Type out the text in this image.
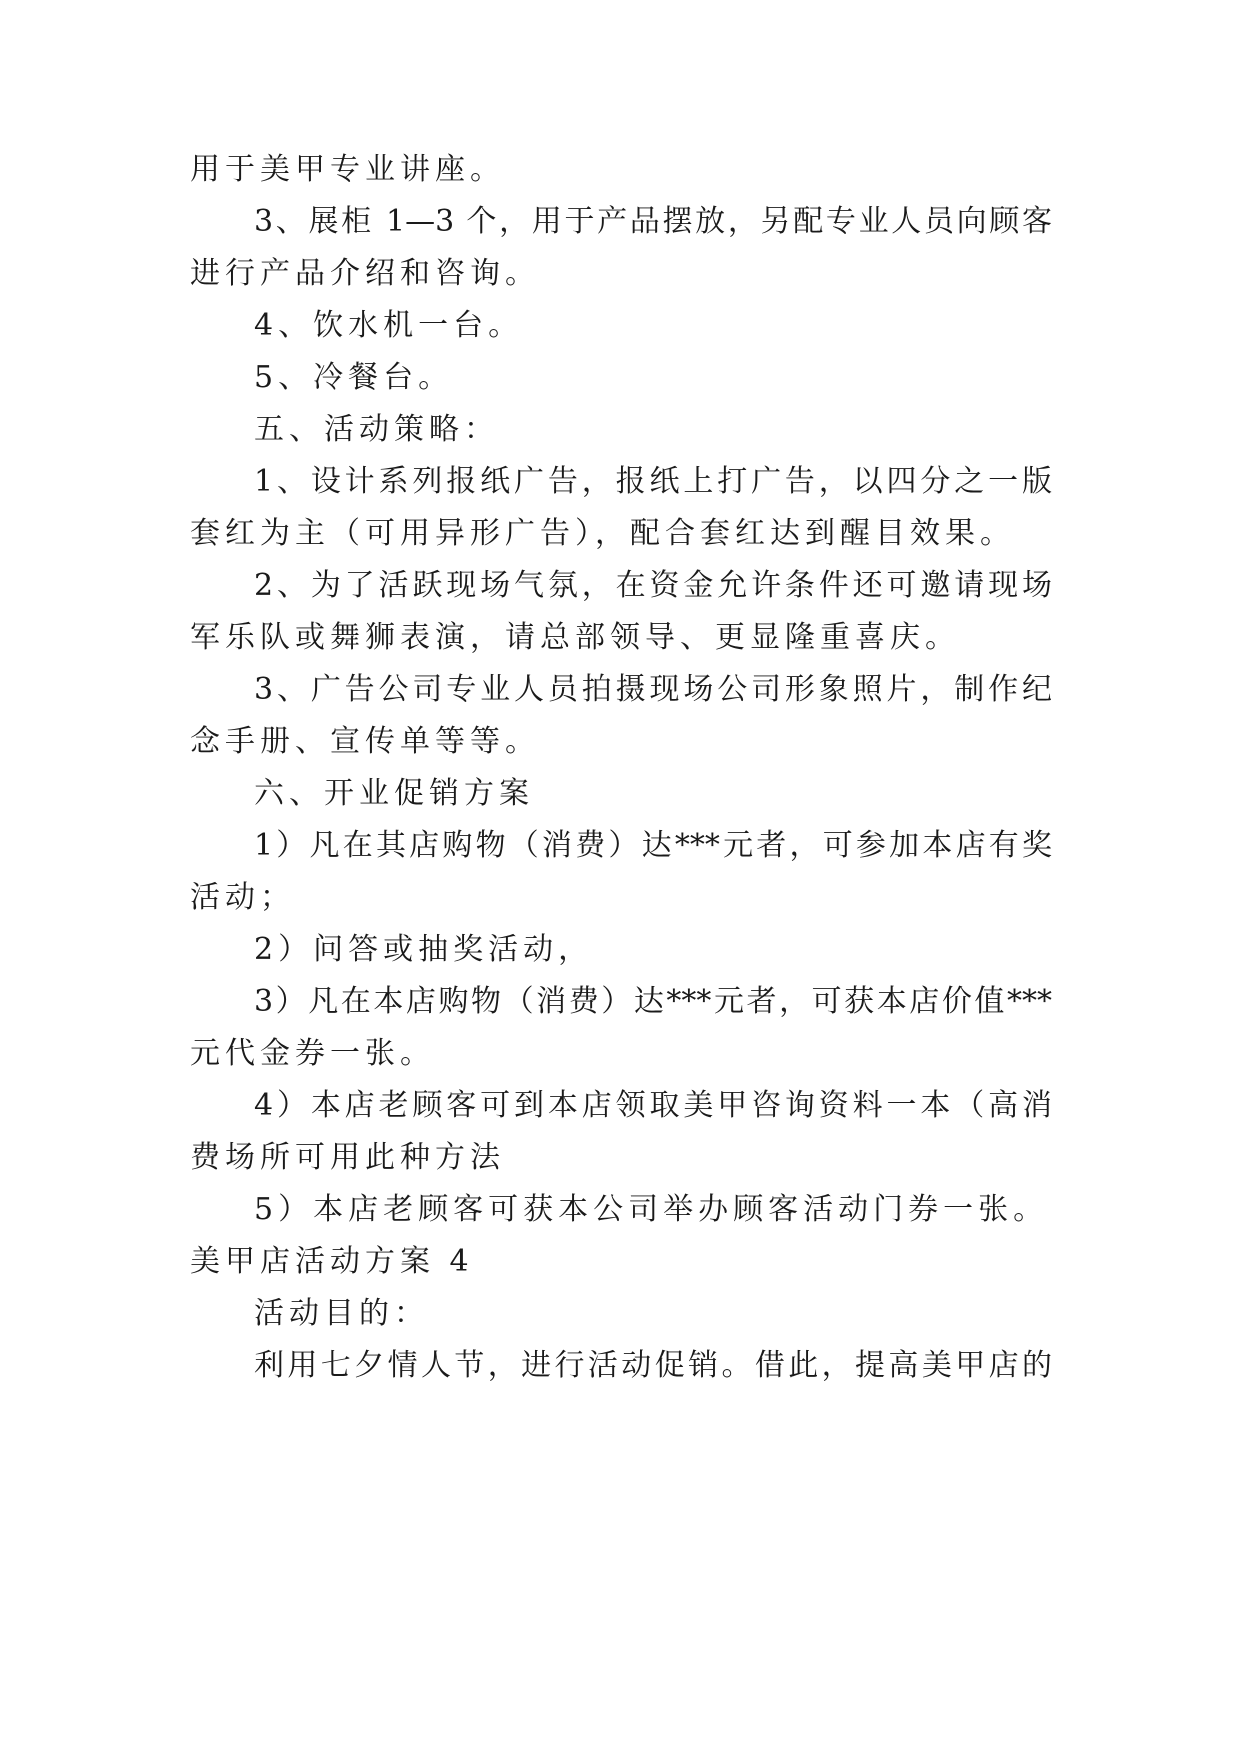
用于美甲专业讲座。
3、展柜 1—3 个，用于产品摆放，另配专业人员向顾客
进行产品介绍和咨询。
4、饮水机一台。
5、冷餐台。
五、活动策略：
1、设计系列报纸广告，报纸上打广告，以四分之一版
套红为主（可用异形广告），配合套红达到醒目效果。
2、为了活跃现场气氛，在资金允许条件还可邀请现场
军乐队或舞狮表演，请总部领导、更显隆重喜庆。
3、广告公司专业人员拍摄现场公司形象照片，制作纪
念手册、宣传单等等。
六、开业促销方案
1）凡在其店购物（消费）达***元者，可参加本店有奖
活动；
2）问答或抽奖活动，
3）凡在本店购物（消费）达***元者，可获本店价值***
元代金券一张。
4）本店老顾客可到本店领取美甲咨询资料一本（高消
费场所可用此种方法
5）本店老顾客可获本公司举办顾客活动门券一张。
美甲店活动方案 4
活动目的：
利用七夕情人节，进行活动促销。借此，提高美甲店的
